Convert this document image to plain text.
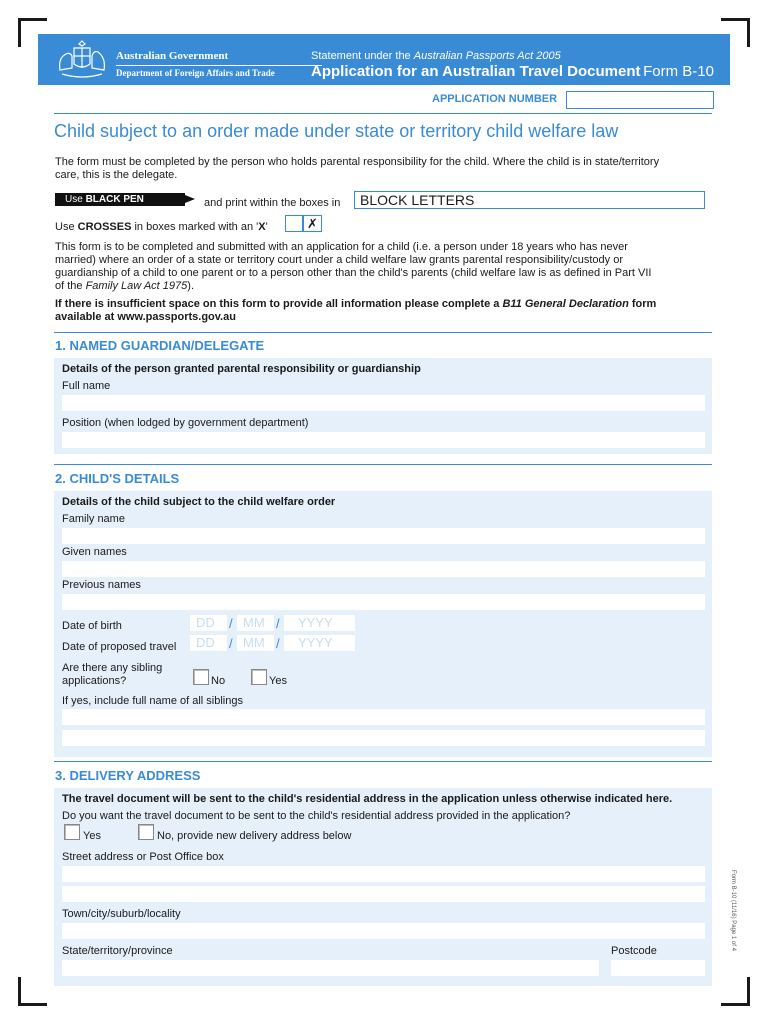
Australian Government
Department of Foreign Affairs and Trade
Statement under the Australian Passports Act 2005
Application for an Australian Travel Document Form B-10
APPLICATION NUMBER
Child subject to an order made under state or territory child welfare law
The form must be completed by the person who holds parental responsibility for the child. Where the child is in state/territory
care, this is the delegate.
Use BLACK PEN	and print within the boxes in	BLOCK LETTERS
Use CROSSES in boxes marked with an 'X'	✗
This form is to be completed and submitted with an application for a child (i.e. a person under 18 years who has never
married) where an order of a state or territory court under a child welfare law grants parental responsibility/custody or
guardianship of a child to one parent or to a person other than the child's parents (child welfare law is as defined in Part VII
of the Family Law Act 1975).
If there is insufficient space on this form to provide all information please complete a B11 General Declaration form
available at www.passports.gov.au
1. NAMED GUARDIAN/DELEGATE
Details of the person granted parental responsibility or guardianship
Full name
Position (when lodged by government department)
2. CHILD'S DETAILS
Details of the child subject to the child welfare order
Family name
Given names
Previous names
Date of birth	DD	/ MM /	YYYY
Date of proposed travel	DD	/ MM /	YYYY
Are there any sibling
applications?	No	Yes
If yes, include full name of all siblings
3. DELIVERY ADDRESS
The travel document will be sent to the child's residential address in the application unless otherwise indicated here.
Do you want the travel document to be sent to the child's residential address provided in the application?
Yes	No, provide new delivery address below
Street address or Post Office box
Town/city/suburb/locality
State/territory/province	Postcode
Form B-10 (11/16) Page 1 of 4
